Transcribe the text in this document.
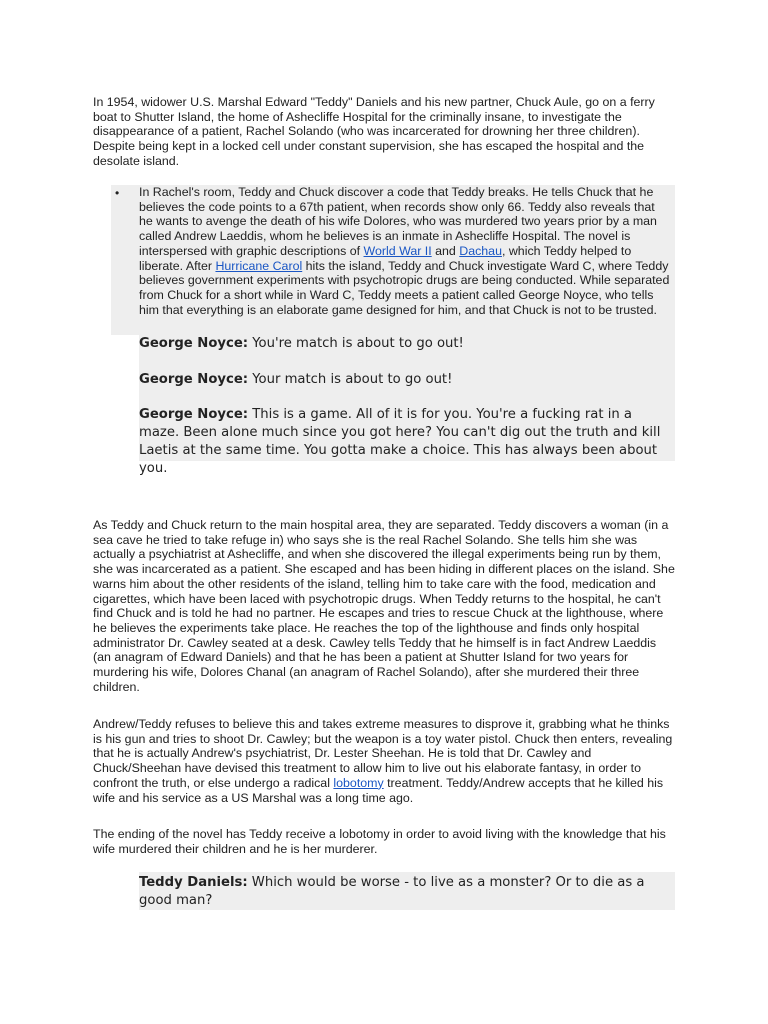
In 1954, widower U.S. Marshal Edward "Teddy" Daniels and his new partner, Chuck Aule, go on a ferry boat to Shutter Island, the home of Ashecliffe Hospital for the criminally insane, to investigate the disappearance of a patient, Rachel Solando (who was incarcerated for drowning her three children). Despite being kept in a locked cell under constant supervision, she has escaped the hospital and the desolate island.

• In Rachel's room, Teddy and Chuck discover a code that Teddy breaks. He tells Chuck that he believes the code points to a 67th patient, when records show only 66. Teddy also reveals that he wants to avenge the death of his wife Dolores, who was murdered two years prior by a man called Andrew Laeddis, whom he believes is an inmate in Ashecliffe Hospital. The novel is interspersed with graphic descriptions of World War II and Dachau, which Teddy helped to liberate. After Hurricane Carol hits the island, Teddy and Chuck investigate Ward C, where Teddy believes government experiments with psychotropic drugs are being conducted. While separated from Chuck for a short while in Ward C, Teddy meets a patient called George Noyce, who tells him that everything is an elaborate game designed for him, and that Chuck is not to be trusted.

George Noyce: You're match is about to go out!

George Noyce: Your match is about to go out!

George Noyce: This is a game. All of it is for you. You're a fucking rat in a maze. Been alone much since you got here? You can't dig out the truth and kill Laetis at the same time. You gotta make a choice. This has always been about you.

As Teddy and Chuck return to the main hospital area, they are separated. Teddy discovers a woman (in a sea cave he tried to take refuge in) who says she is the real Rachel Solando. She tells him she was actually a psychiatrist at Ashecliffe, and when she discovered the illegal experiments being run by them, she was incarcerated as a patient. She escaped and has been hiding in different places on the island. She warns him about the other residents of the island, telling him to take care with the food, medication and cigarettes, which have been laced with psychotropic drugs. When Teddy returns to the hospital, he can't find Chuck and is told he had no partner. He escapes and tries to rescue Chuck at the lighthouse, where he believes the experiments take place. He reaches the top of the lighthouse and finds only hospital administrator Dr. Cawley seated at a desk. Cawley tells Teddy that he himself is in fact Andrew Laeddis (an anagram of Edward Daniels) and that he has been a patient at Shutter Island for two years for murdering his wife, Dolores Chanal (an anagram of Rachel Solando), after she murdered their three children.

Andrew/Teddy refuses to believe this and takes extreme measures to disprove it, grabbing what he thinks is his gun and tries to shoot Dr. Cawley; but the weapon is a toy water pistol. Chuck then enters, revealing that he is actually Andrew's psychiatrist, Dr. Lester Sheehan. He is told that Dr. Cawley and Chuck/Sheehan have devised this treatment to allow him to live out his elaborate fantasy, in order to confront the truth, or else undergo a radical lobotomy treatment. Teddy/Andrew accepts that he killed his wife and his service as a US Marshal was a long time ago.

The ending of the novel has Teddy receive a lobotomy in order to avoid living with the knowledge that his wife murdered their children and he is her murderer.

Teddy Daniels: Which would be worse - to live as a monster? Or to die as a good man?
